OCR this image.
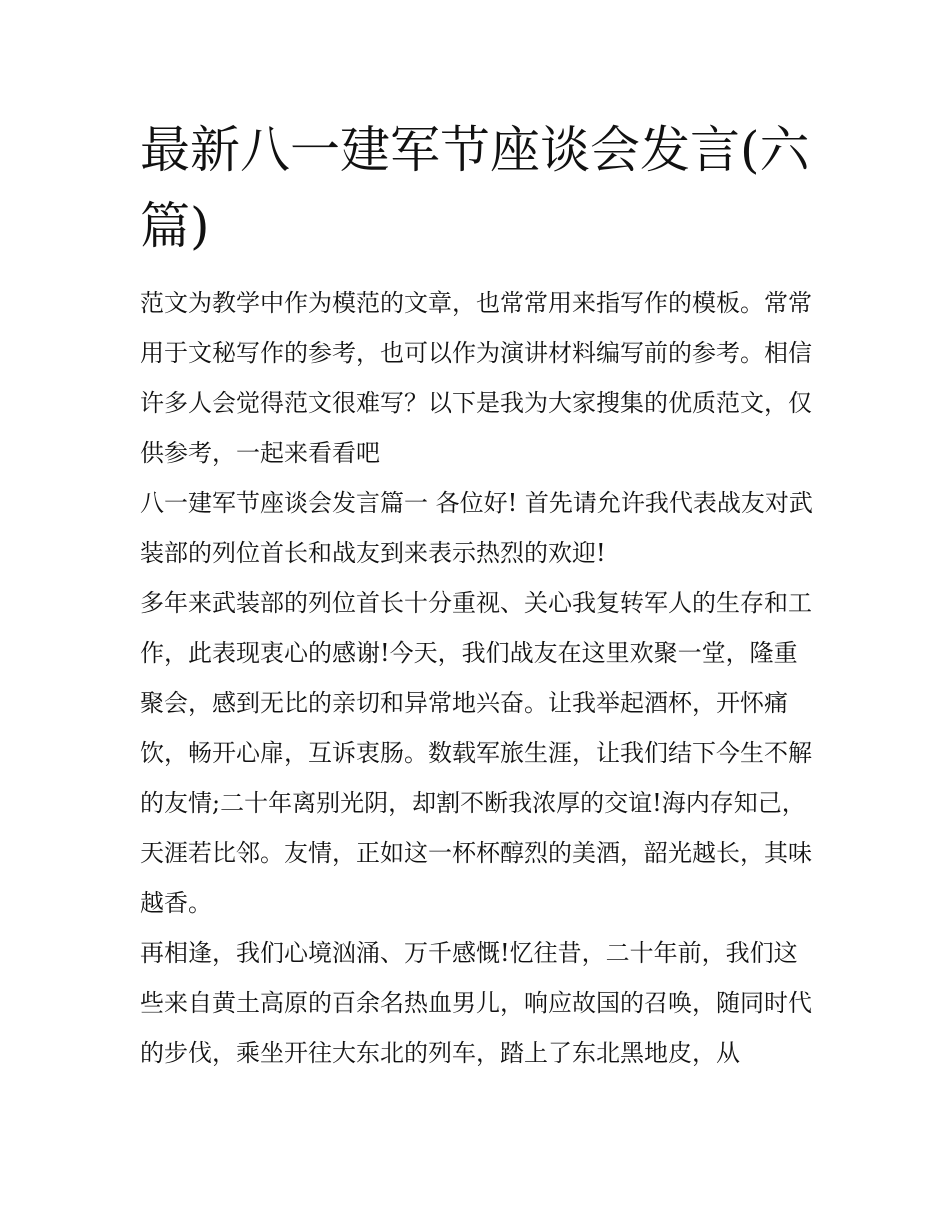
最新八一建军节座谈会发言(六篇)

范文为教学中作为模范的文章，也常常用来指写作的模板。常常用于文秘写作的参考，也可以作为演讲材料编写前的参考。相信许多人会觉得范文很难写？以下是我为大家搜集的优质范文，仅供参考，一起来看看吧

八一建军节座谈会发言篇一 各位好! 首先请允许我代表战友对武装部的列位首长和战友到来表示热烈的欢迎!

多年来武装部的列位首长十分重视、关心我复转军人的生存和工作，此表现衷心的感谢!今天，我们战友在这里欢聚一堂，隆重聚会，感到无比的亲切和异常地兴奋。让我举起酒杯，开怀痛饮，畅开心扉，互诉衷肠。数载军旅生涯，让我们结下今生不解的友情;二十年离别光阴，却割不断我浓厚的交谊!海内存知己，天涯若比邻。友情，正如这一杯杯醇烈的美酒，韶光越长，其味越香。

再相逢，我们心境汹涌、万千感慨!忆往昔，二十年前，我们这些来自黄土高原的百余名热血男儿，响应故国的召唤，随同时代的步伐，乘坐开往大东北的列车，踏上了东北黑地皮，从
